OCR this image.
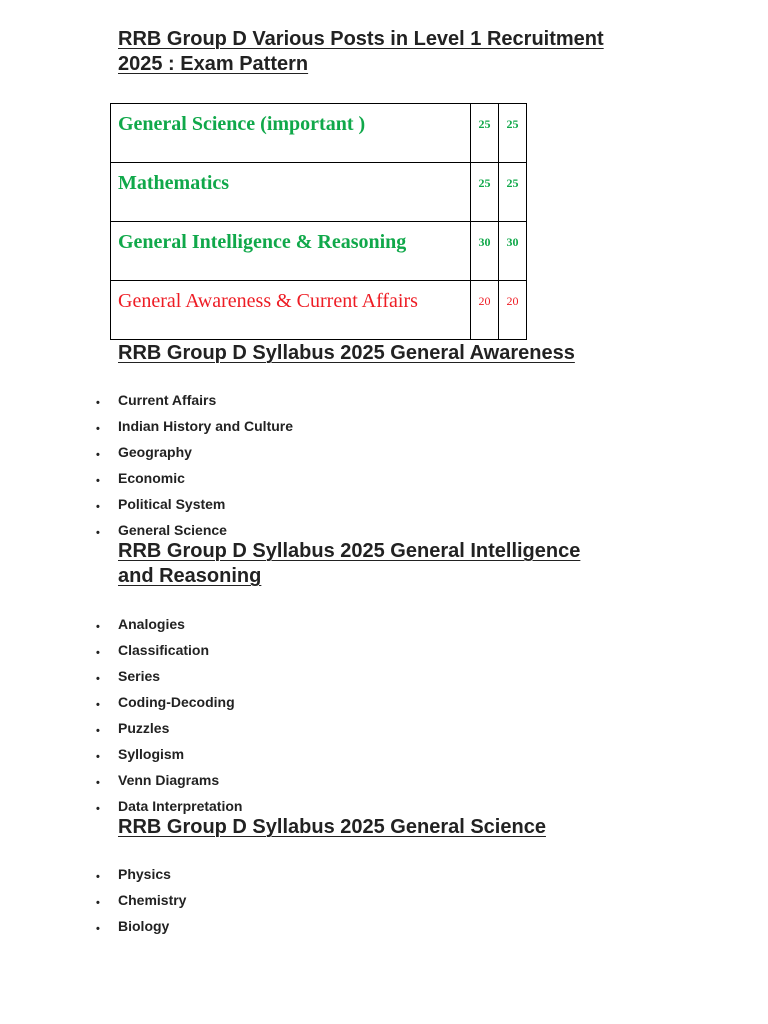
RRB Group D Various Posts in Level 1 Recruitment
2025 : Exam Pattern
General Science (important )	25	25
Mathematics	25	25
General Intelligence & Reasoning	30	30
General Awareness & Current Affairs	20	20
RRB Group D Syllabus 2025 General Awareness
• Current Affairs
• Indian History and Culture
• Geography
• Economic
• Political System
• General Science
RRB Group D Syllabus 2025 General Intelligence
and Reasoning
• Analogies
• Classification
• Series
• Coding-Decoding
• Puzzles
• Syllogism
• Venn Diagrams
• Data Interpretation
RRB Group D Syllabus 2025 General Science
• Physics
• Chemistry
• Biology
